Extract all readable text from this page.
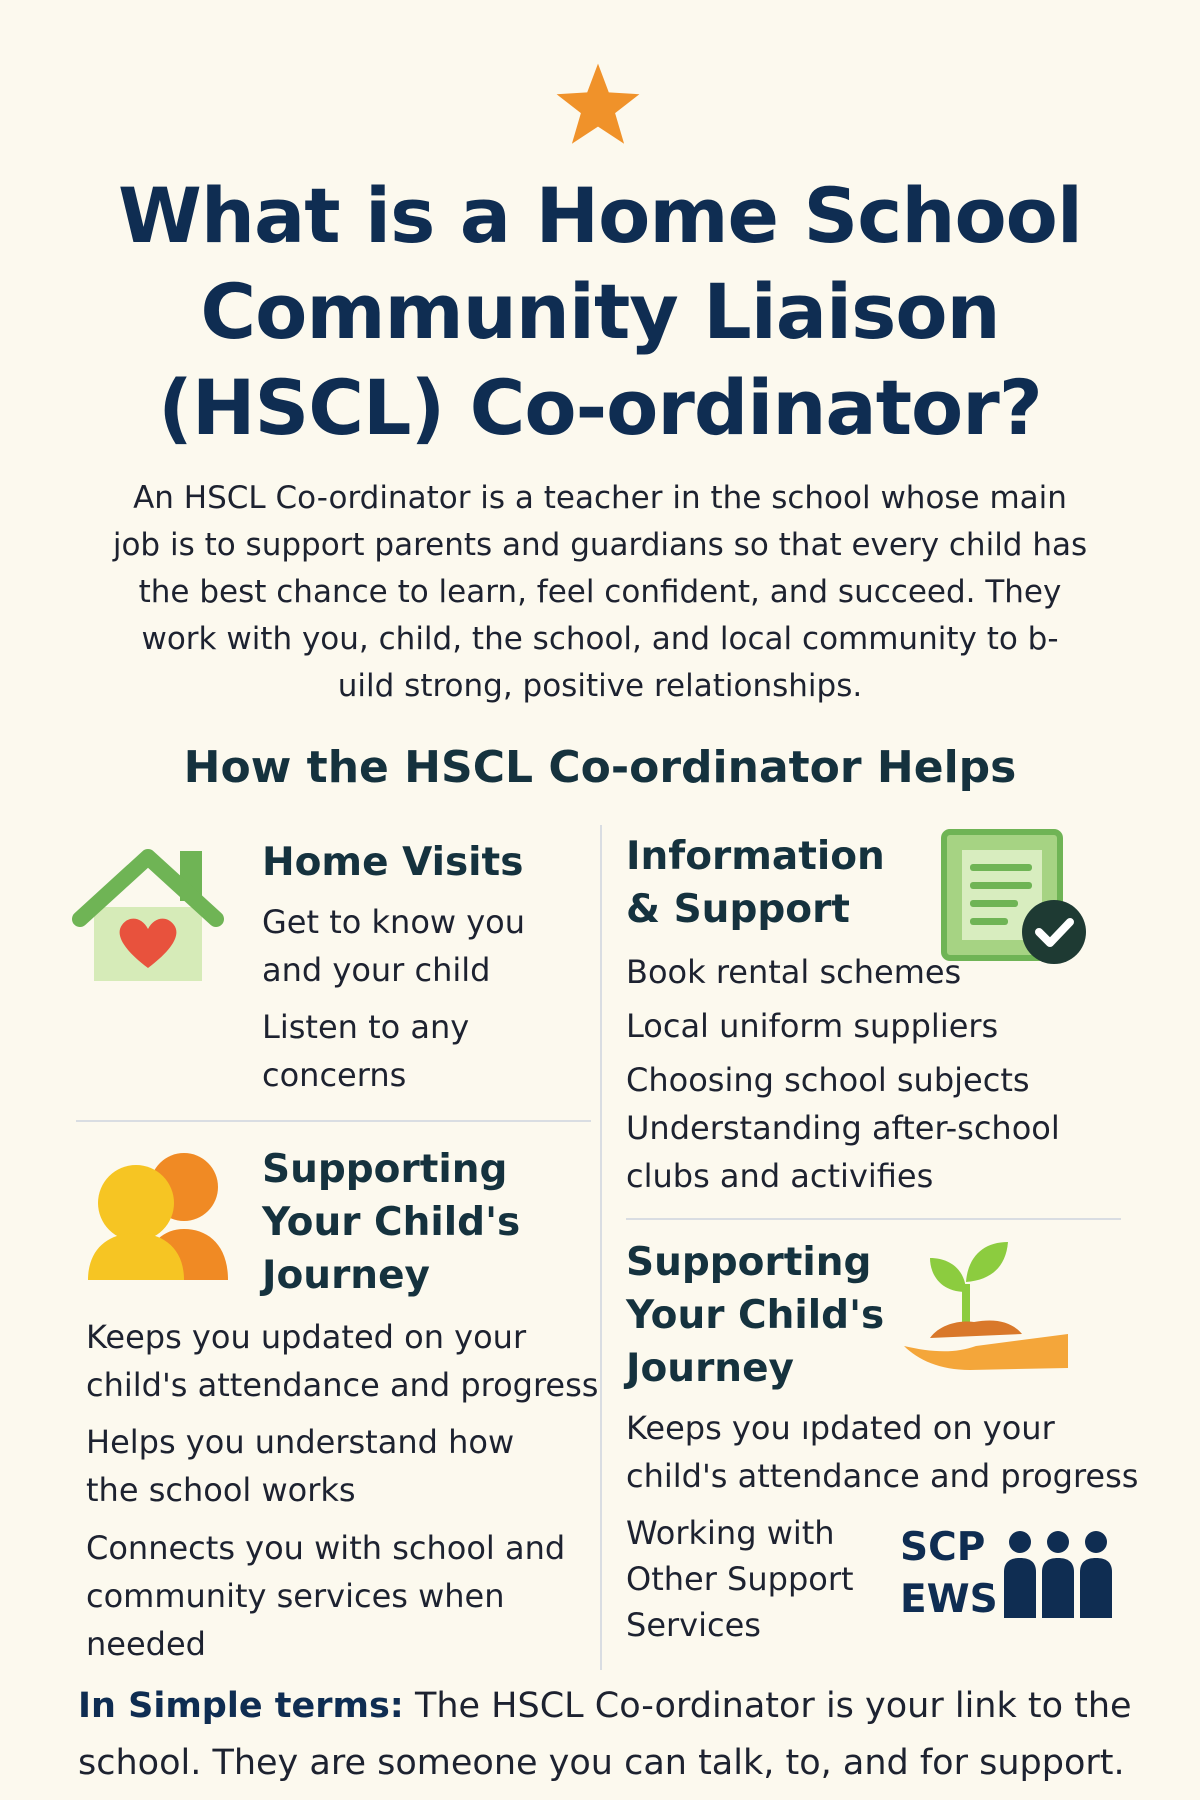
What is a Home School
Community Liaison
(HSCL) Co-ordinator?

An HSCL Co-ordinator is a teacher in the school whose main
job is to support parents and guardians so that every child has
the best chance to learn, feel confident, and succeed. They
work with you, child, the school, and local community to b-
uild strong, positive relationships.

How the HSCL Co-ordinator Helps
Home Visits

Get to know you
and your child

Listen to any
concerns

Supporting
Your Child's
Journey

Keeps you updated on your
child's attendance and progress

Helps you understand how
the school works

Connects you with school and
community services when
needed

Information
& Support

Book rental schemes

Local uniform suppliers

Choosing school subjects

Understanding after-school
clubs and activifies

Supporting
Your Child's
Journey

Keeps you ıpdated on your
child's attendance and progress

Working with
Other Support
Services

SCP
EWS

In Simple terms: The HSCL Co-ordinator is your link to the
school. They are someone you can talk, to, and for support.
